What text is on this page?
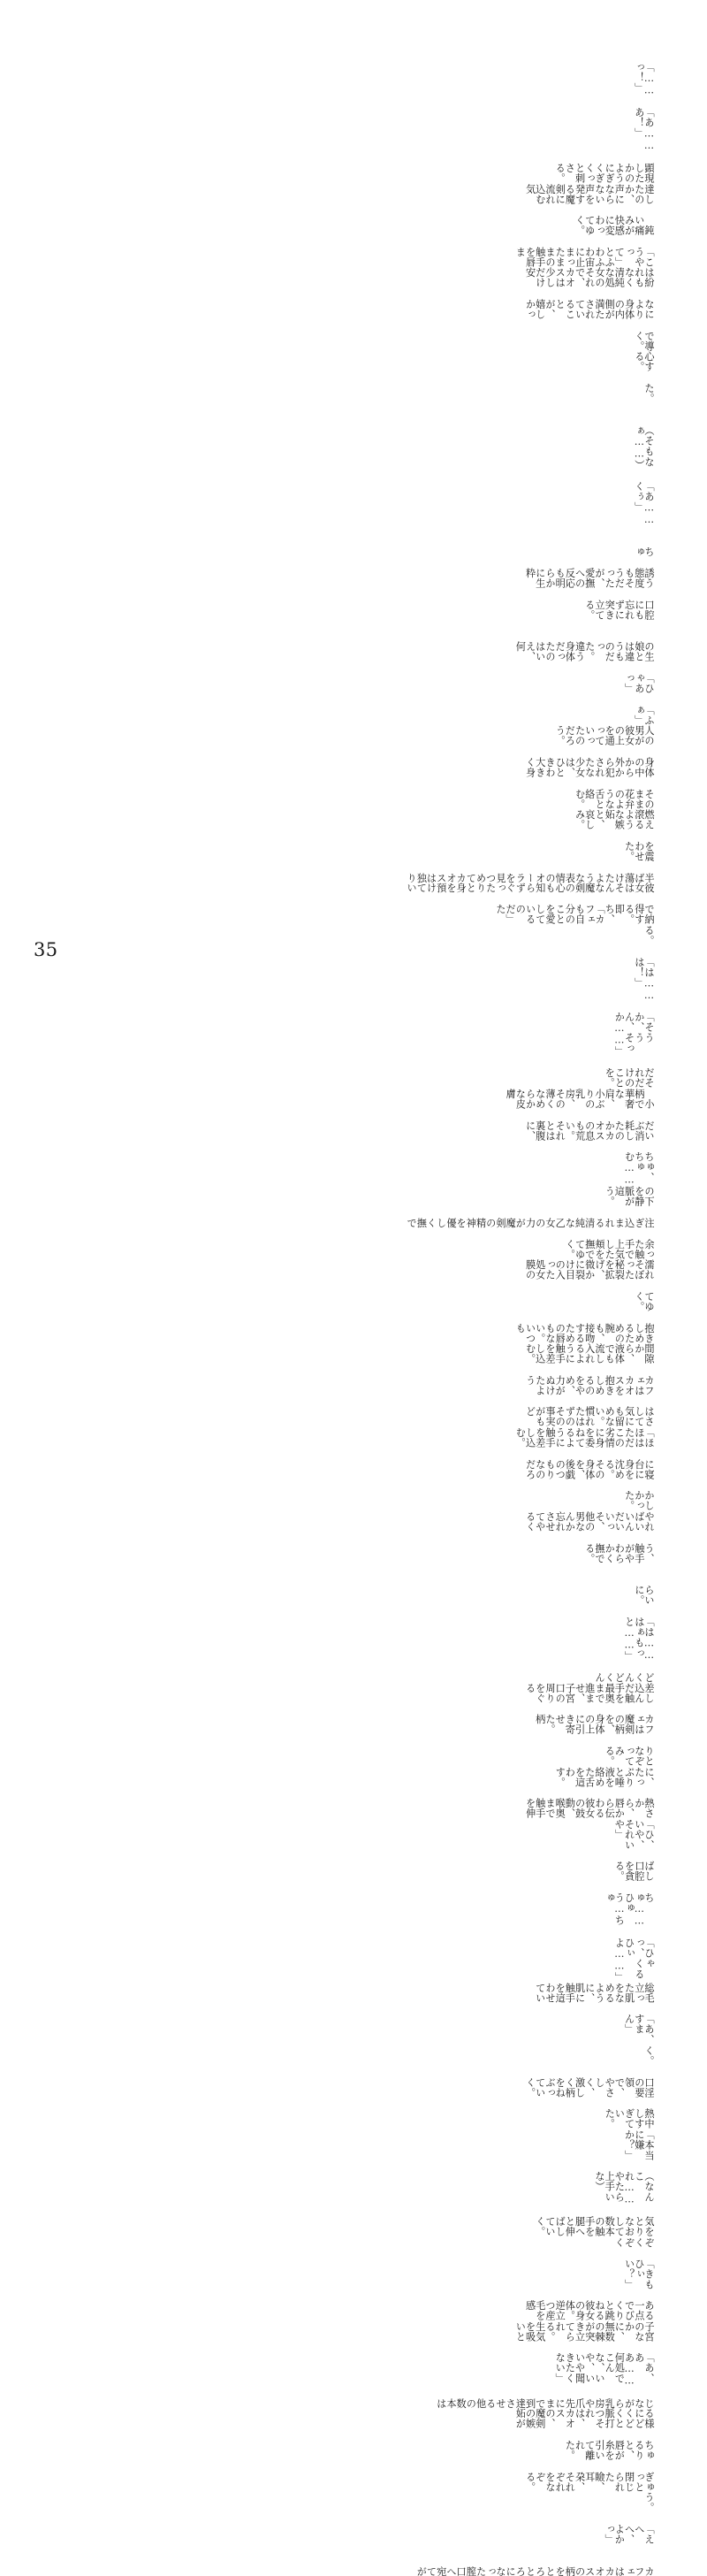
「……っ！」
「あ……あ！」
顕現したかのようにぎくぎくっと刺さる。
達したのか、声にならない声を発する魔剣に流れ込む気
　鈍い痛みが快感に変わってゆく。
「こうやって」とふわふわ宙に止まったままの触手を唇ま
は紛れもなく清純な処女のそれで、カオスは少しだけ安
なにより身体の内側が満たされていることが、嬉しかっ
で導く。
心する。
た。
（そもなぁ……）
「あ……くぅ」
ちゅ
誘う態度もそうだったが、愛撫への反応も明らかに生粋
口腔にも忘れずに突き立てる。
の生娘とは違うものだった。違う身体だったのはいえ、何
「ひゃあっ」
「ふぁ」
人の男が彼女の上を通っていったのだろう。
身体の中から外から犯されたな少女は、ひときわ大きく身
そのまま花弁のような舌と絡む。
燃え滾るような嫉妬と、哀しみ。
を震わせた。
半ば蕩けたような表情のオーラを見つめてカオスは独り
彼女はそんな魔剣の心も知らずぐったりと身を預けてい
で納得する。即ち、「カフェも自分のことを愛しているのだ」た
る。
「は……は！」
「そうか、うん、そっか……」
だそれだけのことを。
　小柄で華奢な肩、小ぶりの乳房、その薄くなめらかな皮膚
だいぶ消耗したのかカオスの息も荒い。それとは裏腹に、
ちゅ、ちゅむ……
の下を静脈が這う。
注ぎ込まれる清純な乙女の力が魔剣の精神を優しく撫で
余った触手で上気した頬を撫でてゆく。
濡れそぼった秘裂を拡げ、微かに裂け目の入った処女膜の
てゆく。
抱きしめるための腕も、接吻するための唇もない。いつも
間隙から、液体でも流し入れるように触手を差し込む。
カフェはカオスを抱きしめるのをやめ、力がぬけたよう
はさして気にも留めない。慣れたはずのその事実がもど
「ほほはただこの劣情に身を委ねてるように触手を差し込む。
に寝台に身を沈める。その身体を、後戯のつもりなのだろ
かしかった。
やればいいんだいいっそ、他の男なんか忘れさせてやるく
う、触手がやわらかく撫でる。
らいに。
「は……はぁもっと……」
どくんどくん
差し込んだ触手を最奥まで進ませ、子宮口の周りをぐる
カフェは魔剣の柄を、身体の上に引き寄せた。柄
りとなぞってみる。
に、たっぷりと唾液を絡めた舌を這わす。
熱さから、唇から伝わる彼女の鼓動、喉奥まで触手を伸
「ひ、いや、それいや」
ばし口腔を貪る。
ちゅ……ひゅう…ちゅ
「ひゃっ、くるひぃよ……」
総毛立った肌をなめるように、肌に触手を這わせてい
「あ、すまん」
く。
口淫の要領で、やさしく、激しく柄をねぶっていく。
熱中しすぎていた。
「本当に嫌か？」
（なんこれ……やたら上手いな）
気をとりなおして数本の触手を腿へと伸ばしていく。
ぞくぞく
「きもひぃい？」
ある一点でびくりと跳ねる彼女の身体。逆立つ産毛を感
子宮のなかに、無数の棘が突き立てられる。生気を吸いと
「あ、ああ……何処でこんな、いや、いいや聞きたくない」
じながら乳房や爪先にまで到達させる他の数本は
る様にどくどくと脈打つそれは、カオスの、魔剣の嫉妬が
ちゅるりと、唇が糸を引いて離れた。
ぎゅっと閉じられた瞼、耳朶、それぞれをなぞる。
う。
「えへへ、よかっ」
カフェはカオスの柄をとろとろになった膣口へ宛てが
35
